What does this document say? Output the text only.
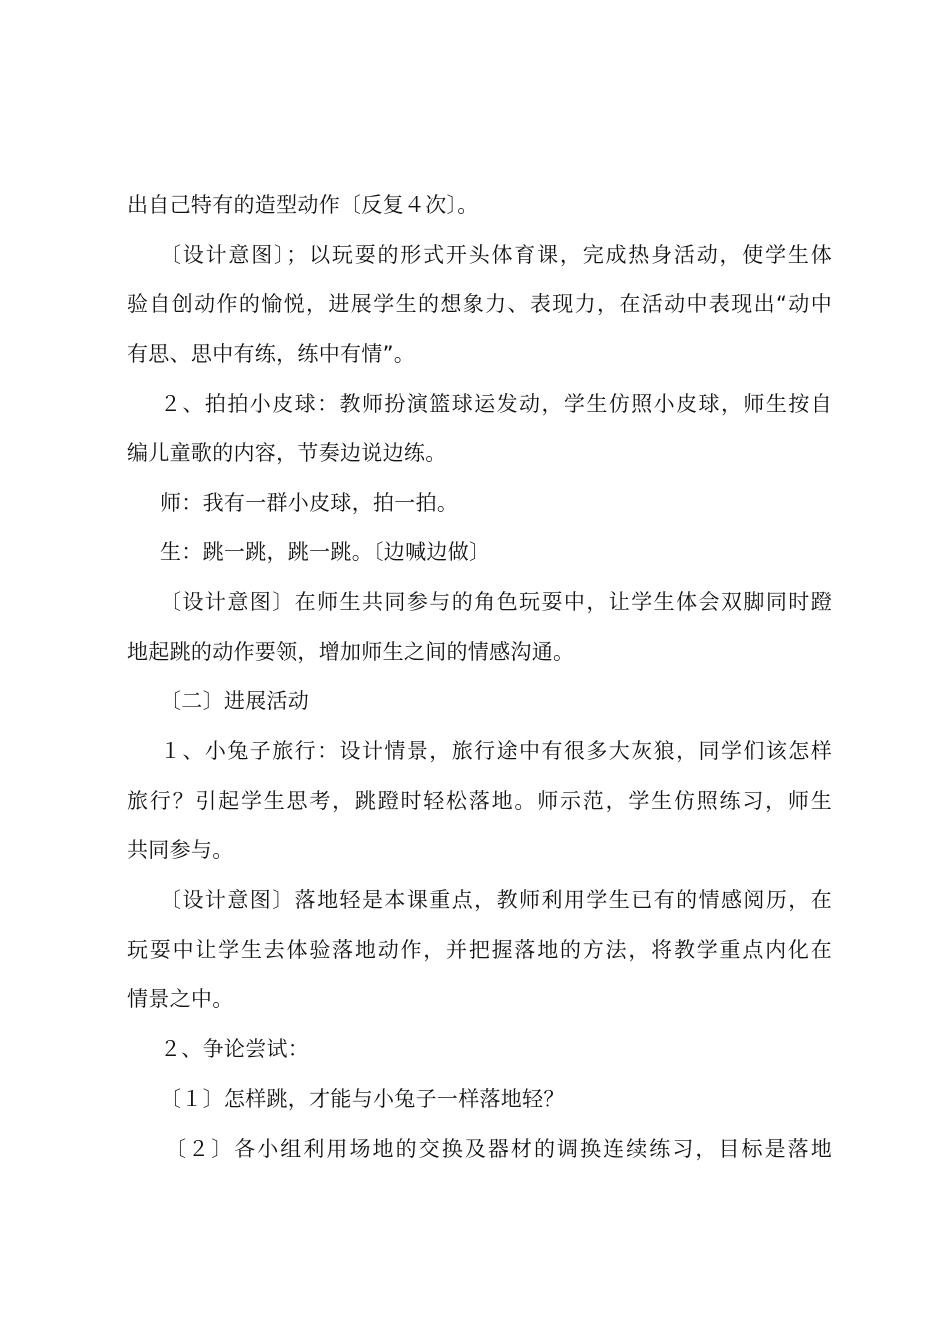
出自己特有的造型动作〔反复４次〕。
〔设计意图〕；以玩耍的形式开头体育课，完成热身活动，使学生体
验自创动作的愉悦，进展学生的想象力、表现力，在活动中表现出“动中
有思、思中有练，练中有情”。
２、拍拍小皮球：教师扮演篮球运发动，学生仿照小皮球，师生按自
编儿童歌的内容，节奏边说边练。
师：我有一群小皮球，拍一拍。
生：跳一跳，跳一跳。〔边喊边做〕
〔设计意图〕在师生共同参与的角色玩耍中，让学生体会双脚同时蹬
地起跳的动作要领，增加师生之间的情感沟通。
〔二〕进展活动
１、小兔子旅行：设计情景，旅行途中有很多大灰狼，同学们该怎样
旅行？引起学生思考，跳蹬时轻松落地。师示范，学生仿照练习，师生
共同参与。
〔设计意图〕落地轻是本课重点，教师利用学生已有的情感阅历，在
玩耍中让学生去体验落地动作，并把握落地的方法，将教学重点内化在
情景之中。
２、争论尝试：
〔１〕怎样跳，才能与小兔子一样落地轻？
〔２〕各小组利用场地的交换及器材的调换连续练习，目标是落地
